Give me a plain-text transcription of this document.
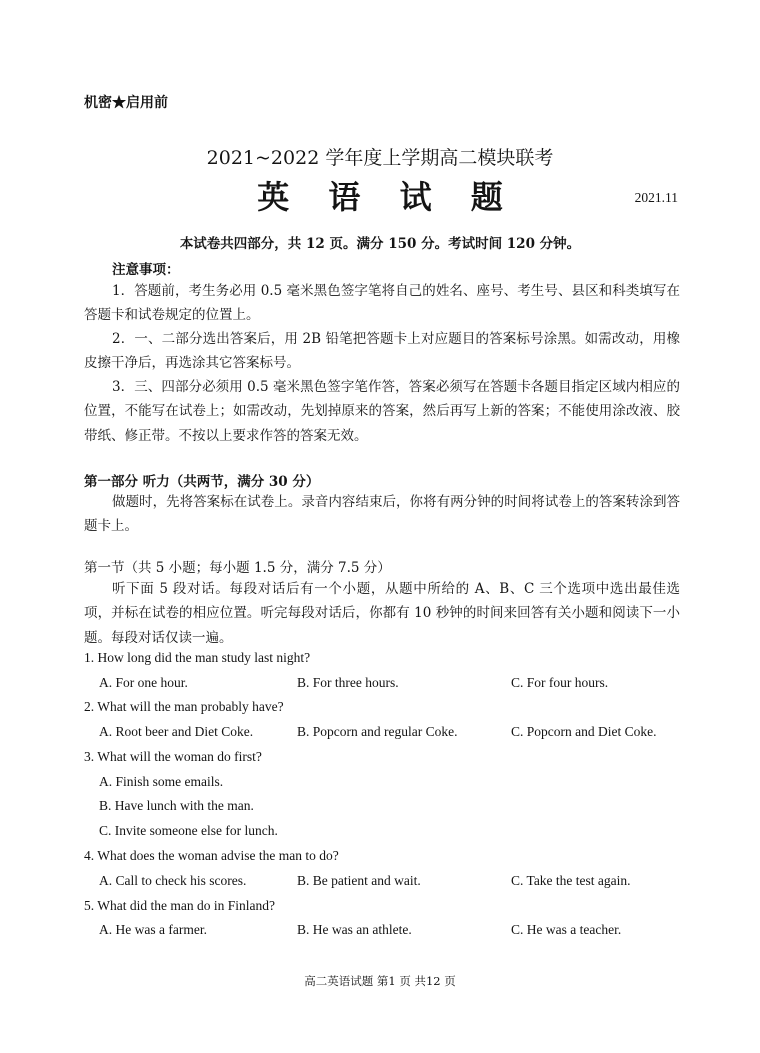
机密★启用前
2021~2022 学年度上学期高二模块联考
英 语 试 题	2021.11
本试卷共四部分，共 12 页。满分 150 分。考试时间 120 分钟。
注意事项：
1．答题前，考生务必用 0.5 毫米黑色签字笔将自己的姓名、座号、考生号、县区和科类填写在答题卡和试卷规定的位置上。
2．一、二部分选出答案后，用 2B 铅笔把答题卡上对应题目的答案标号涂黑。如需改动，用橡皮擦干净后，再选涂其它答案标号。
3．三、四部分必须用 0.5 毫米黑色签字笔作答，答案必须写在答题卡各题目指定区域内相应的位置，不能写在试卷上；如需改动，先划掉原来的答案，然后再写上新的答案；不能使用涂改液、胶带纸、修正带。不按以上要求作答的答案无效。
第一部分 听力（共两节，满分 30 分）
做题时，先将答案标在试卷上。录音内容结束后，你将有两分钟的时间将试卷上的答案转涂到答题卡上。
第一节（共 5 小题；每小题 1.5 分，满分 7.5 分）
听下面 5 段对话。每段对话后有一个小题，从题中所给的 A、B、C 三个选项中选出最佳选项，并标在试卷的相应位置。听完每段对话后，你都有 10 秒钟的时间来回答有关小题和阅读下一小题。每段对话仅读一遍。
1. How long did the man study last night?
A. For one hour.	B. For three hours.	C. For four hours.
2. What will the man probably have?
A. Root beer and Diet Coke.	B. Popcorn and regular Coke.	C. Popcorn and Diet Coke.
3. What will the woman do first?
A. Finish some emails.
B. Have lunch with the man.
C. Invite someone else for lunch.
4. What does the woman advise the man to do?
A. Call to check his scores.	B. Be patient and wait.	C. Take the test again.
5. What did the man do in Finland?
A. He was a farmer.	B. He was an athlete.	C. He was a teacher.
高二英语试题 第1 页 共12 页
